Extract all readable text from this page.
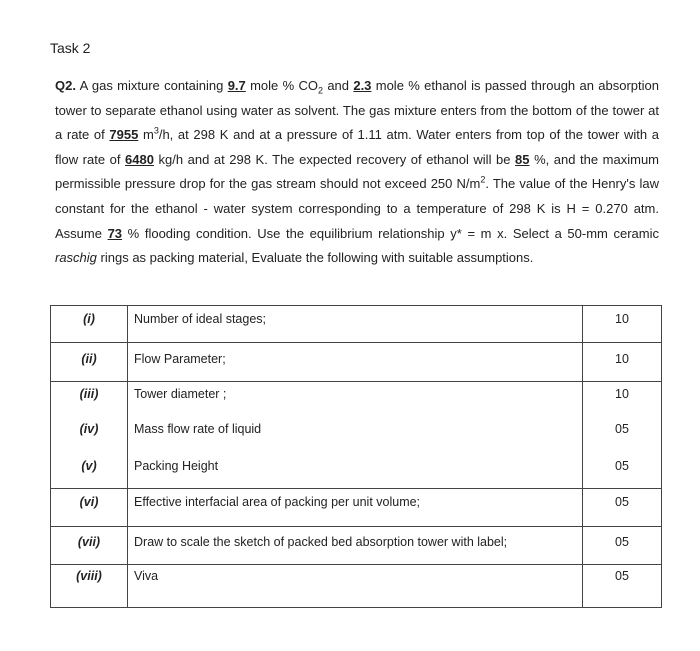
Task 2
Q2. A gas mixture containing 9.7 mole % $CO_2$ and 2.3 mole % ethanol is passed through an absorption tower to separate ethanol using water as solvent. The gas mixture enters from the bottom of the tower at a rate of 7955 $m^3/h$, at 298 K and at a pressure of 1.11 atm. Water enters from top of the tower with a flow rate of 6480 kg/h and at 298 K. The expected recovery of ethanol will be 85 %, and the maximum permissible pressure drop for the gas stream should not exceed 250 $N/m^2$. The value of the Henry's law constant for the ethanol - water system corresponding to a temperature of 298 K is H = 0.270 atm. Assume 73 % flooding condition. Use the equilibrium relationship y* = m x. Select a 50-mm ceramic raschig rings as packing material, Evaluate the following with suitable assumptions.
(i)	Number of ideal stages;	10

(ii)	Flow Parameter;	10

(iii)	Tower diameter ;	10

(iv)	Mass flow rate of liquid	05

(v)	Packing Height	05

(vi)	Effective interfacial area of packing per unit volume;	05

(vii)	Draw to scale the sketch of packed bed absorption tower with label;	05

(viii)	Viva	05
